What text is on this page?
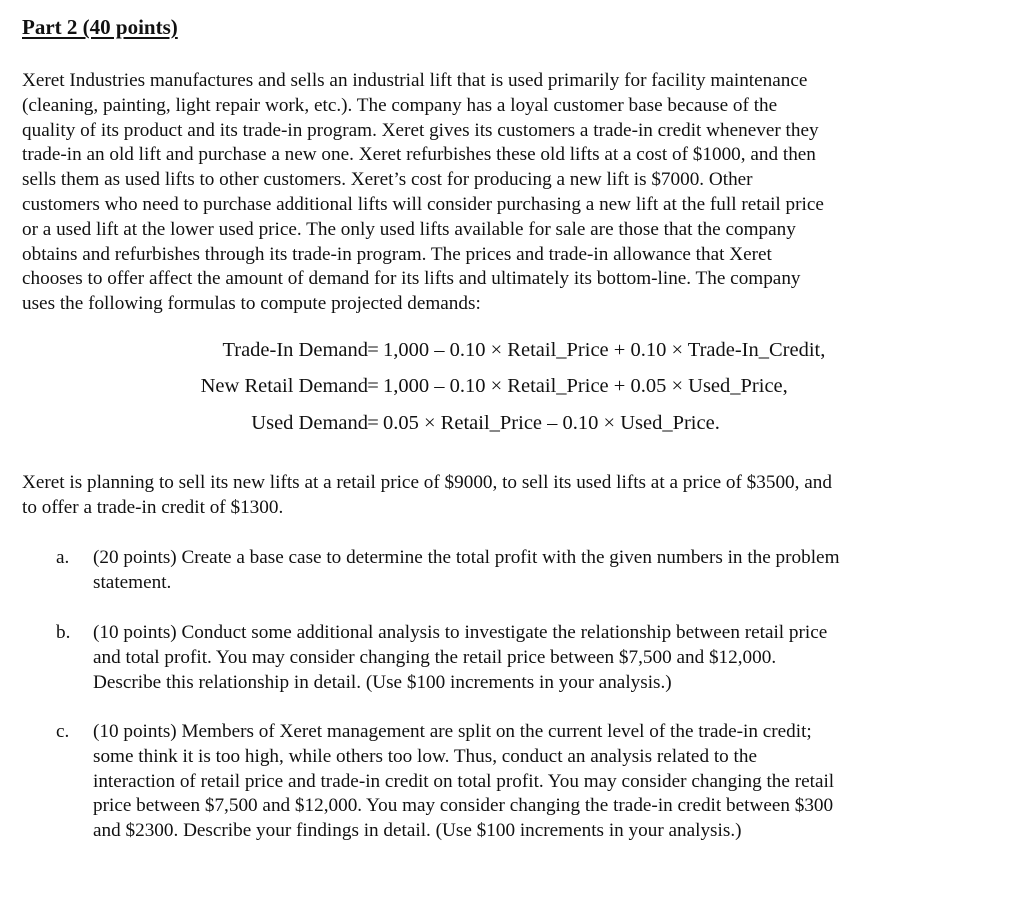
Part 2 (40 points)
Xeret Industries manufactures and sells an industrial lift that is used primarily for facility maintenance
(cleaning, painting, light repair work, etc.). The company has a loyal customer base because of the
quality of its product and its trade-in program. Xeret gives its customers a trade-in credit whenever they
trade-in an old lift and purchase a new one. Xeret refurbishes these old lifts at a cost of $1000, and then
sells them as used lifts to other customers. Xeret’s cost for producing a new lift is $7000. Other
customers who need to purchase additional lifts will consider purchasing a new lift at the full retail price
or a used lift at the lower used price. The only used lifts available for sale are those that the company
obtains and refurbishes through its trade-in program. The prices and trade-in allowance that Xeret
chooses to offer affect the amount of demand for its lifts and ultimately its bottom-line. The company
uses the following formulas to compute projected demands:
Trade-In Demand = 1,000 – 0.10 × Retail_Price + 0.10 × Trade-In_Credit,
New Retail Demand = 1,000 – 0.10 × Retail_Price + 0.05 × Used_Price,
Used Demand = 0.05 × Retail_Price – 0.10 × Used_Price.
Xeret is planning to sell its new lifts at a retail price of $9000, to sell its used lifts at a price of $3500, and
to offer a trade-in credit of $1300.
a.	(20 points) Create a base case to determine the total profit with the given numbers in the problem
statement.
b.	(10 points) Conduct some additional analysis to investigate the relationship between retail price
and total profit. You may consider changing the retail price between $7,500 and $12,000.
Describe this relationship in detail. (Use $100 increments in your analysis.)
c.	(10 points) Members of Xeret management are split on the current level of the trade-in credit;
some think it is too high, while others too low. Thus, conduct an analysis related to the
interaction of retail price and trade-in credit on total profit. You may consider changing the retail
price between $7,500 and $12,000. You may consider changing the trade-in credit between $300
and $2300. Describe your findings in detail. (Use $100 increments in your analysis.)
